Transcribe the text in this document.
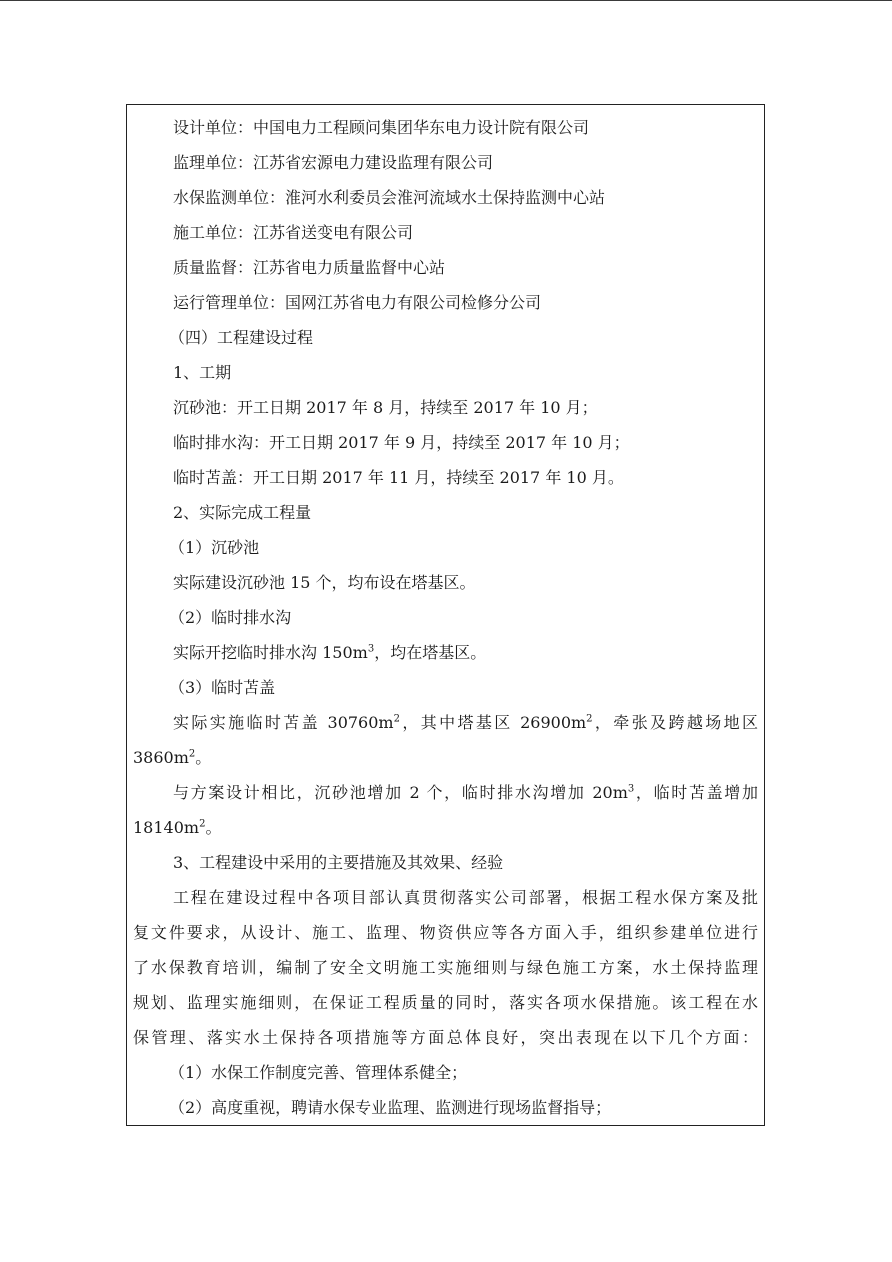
设计单位：中国电力工程顾问集团华东电力设计院有限公司
监理单位：江苏省宏源电力建设监理有限公司
水保监测单位：淮河水利委员会淮河流域水土保持监测中心站
施工单位：江苏省送变电有限公司
质量监督：江苏省电力质量监督中心站
运行管理单位：国网江苏省电力有限公司检修分公司
（四）工程建设过程
1、工期
沉砂池：开工日期 2017 年 8 月，持续至 2017 年 10 月；
临时排水沟：开工日期 2017 年 9 月，持续至 2017 年 10 月；
临时苫盖：开工日期 2017 年 11 月，持续至 2017 年 10 月。
2、实际完成工程量
（1）沉砂池
实际建设沉砂池 15 个，均布设在塔基区。
（2）临时排水沟
实际开挖临时排水沟 $150m^3$，均在塔基区。
（3）临时苫盖
实际实施临时苫盖 $30760m^2$，其中塔基区 $26900m^2$，牵张及跨越场地区
$3860m^2$。
与方案设计相比，沉砂池增加 2 个，临时排水沟增加 $20m^3$，临时苫盖增加
$18140m^2$。
3、工程建设中采用的主要措施及其效果、经验
工程在建设过程中各项目部认真贯彻落实公司部署，根据工程水保方案及批
复文件要求，从设计、施工、监理、物资供应等各方面入手，组织参建单位进行
了水保教育培训，编制了安全文明施工实施细则与绿色施工方案，水土保持监理
规划、监理实施细则，在保证工程质量的同时，落实各项水保措施。该工程在水
保管理、落实水土保持各项措施等方面总体良好，突出表现在以下几个方面：
（1）水保工作制度完善、管理体系健全；
（2）高度重视，聘请水保专业监理、监测进行现场监督指导；
